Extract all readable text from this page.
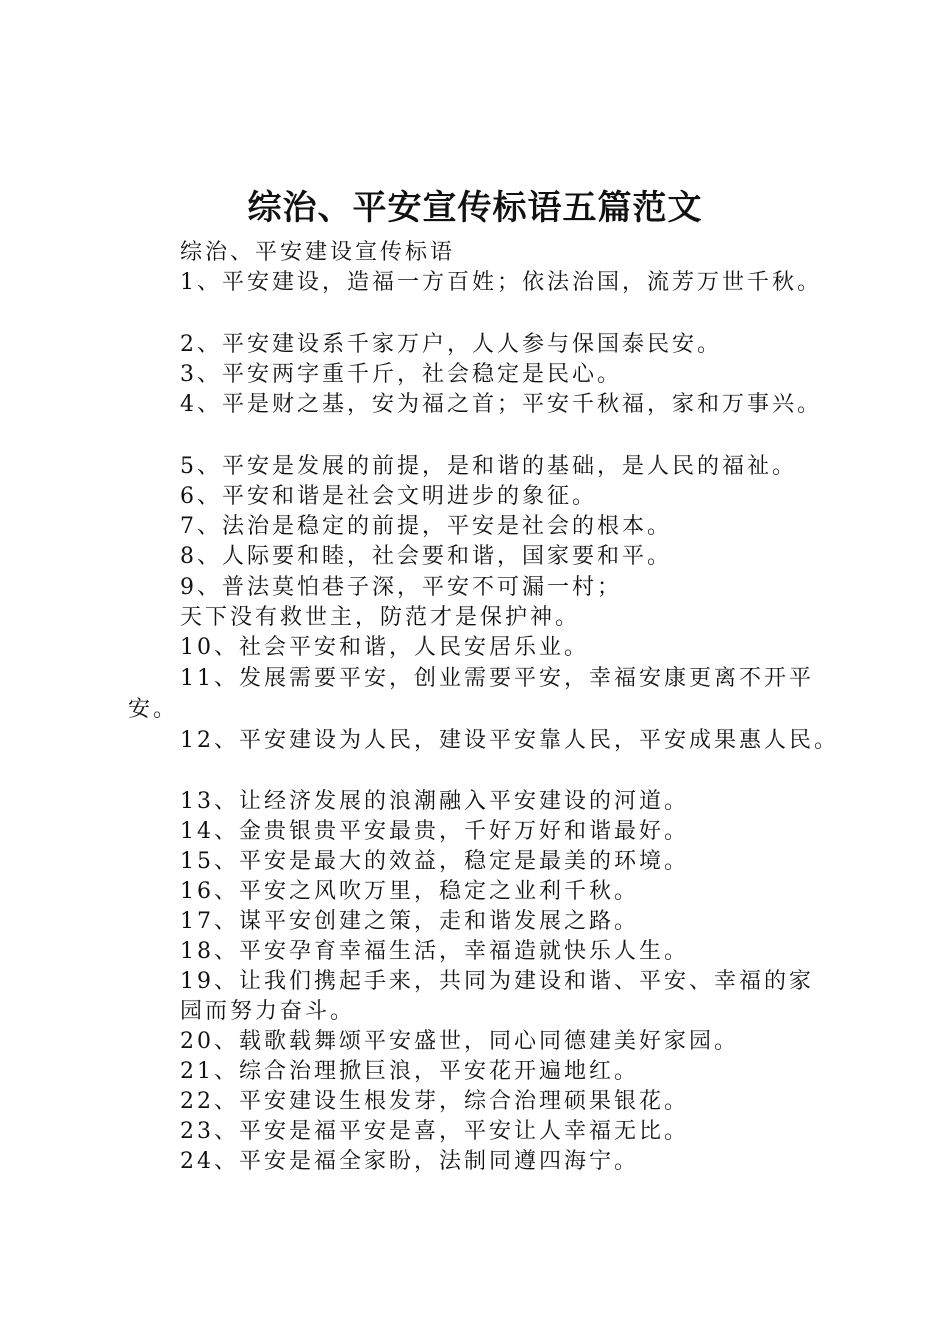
综治、平安宣传标语五篇范文
综治、平安建设宣传标语
1、平安建设，造福一方百姓；依法治国，流芳万世千秋。
2、平安建设系千家万户，人人参与保国泰民安。
3、平安两字重千斤，社会稳定是民心。
4、平是财之基，安为福之首；平安千秋福，家和万事兴。
5、平安是发展的前提，是和谐的基础，是人民的福祉。
6、平安和谐是社会文明进步的象征。
7、法治是稳定的前提，平安是社会的根本。
8、人际要和睦，社会要和谐，国家要和平。
9、普法莫怕巷子深，平安不可漏一村；
天下没有救世主，防范才是保护神。
10、社会平安和谐，人民安居乐业。
11、发展需要平安，创业需要平安，幸福安康更离不开平
安。
12、平安建设为人民，建设平安靠人民，平安成果惠人民。
13、让经济发展的浪潮融入平安建设的河道。
14、金贵银贵平安最贵，千好万好和谐最好。
15、平安是最大的效益，稳定是最美的环境。
16、平安之风吹万里，稳定之业利千秋。
17、谋平安创建之策，走和谐发展之路。
18、平安孕育幸福生活，幸福造就快乐人生。
19、让我们携起手来，共同为建设和谐、平安、幸福的家
园而努力奋斗。
20、载歌载舞颂平安盛世，同心同德建美好家园。
21、综合治理掀巨浪，平安花开遍地红。
22、平安建设生根发芽，综合治理硕果银花。
23、平安是福平安是喜，平安让人幸福无比。
24、平安是福全家盼，法制同遵四海宁。
